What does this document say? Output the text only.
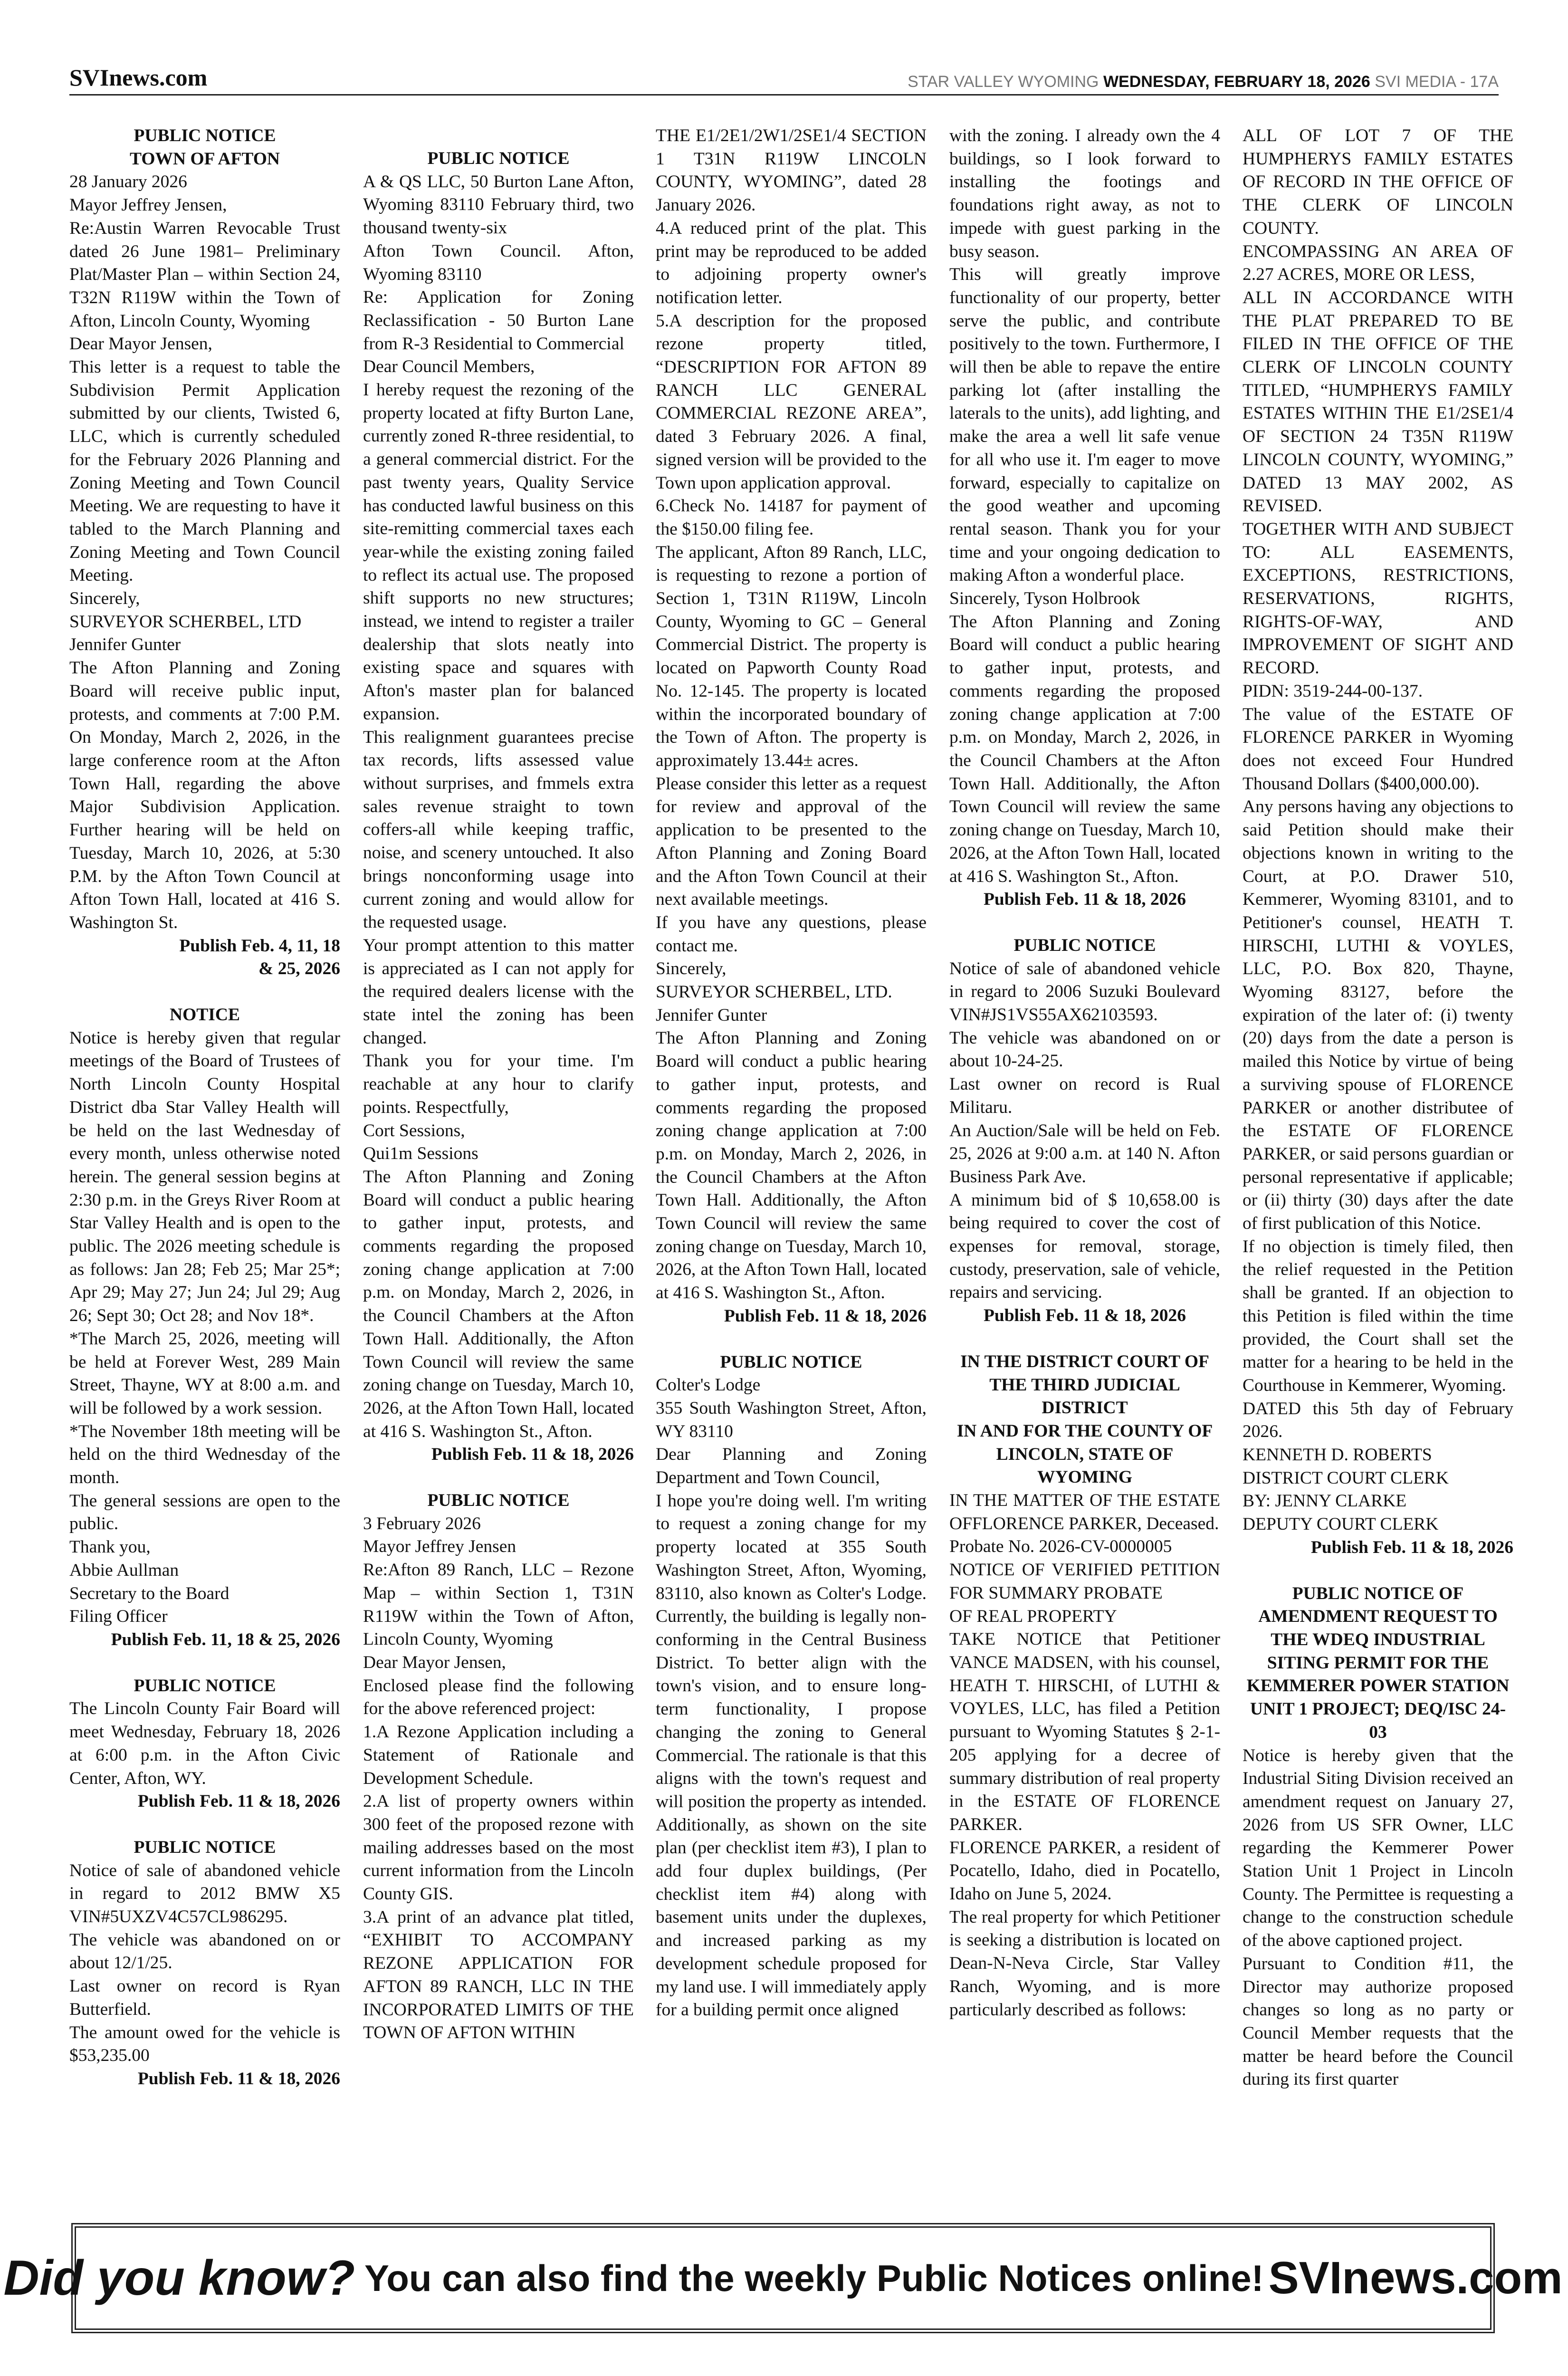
SVInews.com	STAR VALLEY WYOMING WEDNESDAY, FEBRUARY 18, 2026 SVI MEDIA - 17A

PUBLIC NOTICE

TOWN OF AFTON

28 January 2026

Mayor Jeffrey Jensen,

Re:Austin Warren Revocable Trust dated 26 June 1981– Preliminary Plat/Master Plan – within Section 24, T32N R119W within the Town of Afton, Lincoln County, Wyoming

Dear Mayor Jensen,

This letter is a request to table the Subdivision Permit Application submitted by our clients, Twisted 6, LLC, which is currently scheduled for the February 2026 Planning and Zoning Meeting and Town Council Meeting. We are requesting to have it tabled to the March Planning and Zoning Meeting and Town Council Meeting.

Sincerely,

SURVEYOR SCHERBEL, LTD

Jennifer Gunter

The Afton Planning and Zoning Board will receive public input, protests, and comments at 7:00 P.M. On Monday, March 2, 2026, in the large conference room at the Afton Town Hall, regarding the above Major Subdivision Application. Further hearing will be held on Tuesday, March 10, 2026, at 5:30 P.M. by the Afton Town Council at Afton Town Hall, located at 416 S. Washington St.

Publish Feb. 4, 11, 18

& 25, 2026

NOTICE

Notice is hereby given that regular meetings of the Board of Trustees of North Lincoln County Hospital District dba Star Valley Health will be held on the last Wednesday of every month, unless otherwise noted herein. The general session begins at 2:30 p.m. in the Greys River Room at Star Valley Health and is open to the public. The 2026 meeting schedule is as follows: Jan 28; Feb 25; Mar 25*; Apr 29; May 27; Jun 24; Jul 29; Aug 26; Sept 30; Oct 28; and Nov 18*.

*The March 25, 2026, meeting will be held at Forever West, 289 Main Street, Thayne, WY at 8:00 a.m. and will be followed by a work session.

*The November 18th meeting will be held on the third Wednesday of the month.

The general sessions are open to the public.

Thank you,

Abbie Aullman

Secretary to the Board

Filing Officer

Publish Feb. 11, 18 & 25, 2026

PUBLIC NOTICE

The Lincoln County Fair Board will meet Wednesday, February 18, 2026 at 6:00 p.m. in the Afton Civic Center, Afton, WY.

Publish Feb. 11 & 18, 2026

PUBLIC NOTICE

Notice of sale of abandoned vehicle in regard to 2012 BMW X5 VIN#5UXZV4C57CL986295.

The vehicle was abandoned on or about 12/1/25.

Last owner on record is Ryan Butterfield.

The amount owed for the vehicle is $53,235.00

Publish Feb. 11 & 18, 2026

PUBLIC NOTICE

A & QS LLC, 50 Burton Lane Afton, Wyoming 83110 February third, two thousand twenty-six

Afton Town Council. Afton, Wyoming 83110

Re: Application for Zoning Reclassification - 50 Burton Lane from R-3 Residential to Commercial

Dear Council Members,

I hereby request the rezoning of the property located at fifty Burton Lane, currently zoned R-three residential, to a general commercial district. For the past twenty years, Quality Service has conducted lawful business on this site-remitting commercial taxes each year-while the existing zoning failed to reflect its actual use. The proposed shift supports no new structures; instead, we intend to register a trailer dealership that slots neatly into existing space and squares with Afton's master plan for balanced expansion.

This realignment guarantees precise tax records, lifts assessed value without surprises, and fmmels extra sales revenue straight to town coffers-all while keeping traffic, noise, and scenery untouched. It also brings nonconforming usage into current zoning and would allow for the requested usage.

Your prompt attention to this matter is appreciated as I can not apply for the required dealers license with the state intel the zoning has been changed.

Thank you for your time. I'm reachable at any hour to clarify points. Respectfully,

Cort Sessions,

Qui1m Sessions

The Afton Planning and Zoning Board will conduct a public hearing to gather input, protests, and comments regarding the proposed zoning change application at 7:00 p.m. on Monday, March 2, 2026, in the Council Chambers at the Afton Town Hall. Additionally, the Afton Town Council will review the same zoning change on Tuesday, March 10, 2026, at the Afton Town Hall, located at 416 S. Washington St., Afton.

Publish Feb. 11 & 18, 2026

PUBLIC NOTICE

3 February 2026

Mayor Jeffrey Jensen

Re:Afton 89 Ranch, LLC – Rezone Map – within Section 1, T31N R119W within the Town of Afton, Lincoln County, Wyoming

Dear Mayor Jensen,

Enclosed please find the following for the above referenced project:

1.A Rezone Application including a Statement of Rationale and Development Schedule.

2.A list of property owners within 300 feet of the proposed rezone with mailing addresses based on the most current information from the Lincoln County GIS.

3.A print of an advance plat titled, “EXHIBIT TO ACCOMPANY REZONE APPLICATION FOR AFTON 89 RANCH, LLC IN THE INCORPORATED LIMITS OF THE TOWN OF AFTON WITHIN

THE E1/2E1/2W1/2SE1/4 SECTION 1 T31N R119W LINCOLN COUNTY, WYOMING”, dated 28 January 2026.

4.A reduced print of the plat. This print may be reproduced to be added to adjoining property owner's notification letter.

5.A description for the proposed rezone property titled, “DESCRIPTION FOR AFTON 89 RANCH LLC GENERAL COMMERCIAL REZONE AREA”, dated 3 February 2026. A final, signed version will be provided to the Town upon application approval.

6.Check No. 14187 for payment of the $150.00 filing fee.

The applicant, Afton 89 Ranch, LLC, is requesting to rezone a portion of Section 1, T31N R119W, Lincoln County, Wyoming to GC – General Commercial District. The property is located on Papworth County Road No. 12-145. The property is located within the incorporated boundary of the Town of Afton. The property is approximately 13.44± acres.

Please consider this letter as a request for review and approval of the application to be presented to the Afton Planning and Zoning Board and the Afton Town Council at their next available meetings.

If you have any questions, please contact me.

Sincerely,

SURVEYOR SCHERBEL, LTD.

Jennifer Gunter

The Afton Planning and Zoning Board will conduct a public hearing to gather input, protests, and comments regarding the proposed zoning change application at 7:00 p.m. on Monday, March 2, 2026, in the Council Chambers at the Afton Town Hall. Additionally, the Afton Town Council will review the same zoning change on Tuesday, March 10, 2026, at the Afton Town Hall, located at 416 S. Washington St., Afton.

Publish Feb. 11 & 18, 2026

PUBLIC NOTICE

Colter's Lodge

355 South Washington Street, Afton, WY 83110

Dear Planning and Zoning Department and Town Council,

I hope you're doing well. I'm writing to request a zoning change for my property located at 355 South Washington Street, Afton, Wyoming, 83110, also known as Colter's Lodge. Currently, the building is legally non-conforming in the Central Business District. To better align with the town's vision, and to ensure long-term functionality, I propose changing the zoning to General Commercial. The rationale is that this aligns with the town's request and will position the property as intended. Additionally, as shown on the site plan (per checklist item #3), I plan to add four duplex buildings, (Per checklist item #4) along with basement units under the duplexes, and increased parking as my development schedule proposed for my land use. I will immediately apply for a building permit once aligned

with the zoning. I already own the 4 buildings, so I look forward to installing the footings and foundations right away, as not to impede with guest parking in the busy season.

This will greatly improve functionality of our property, better serve the public, and contribute positively to the town. Furthermore, I will then be able to repave the entire parking lot (after installing the laterals to the units), add lighting, and make the area a well lit safe venue for all who use it. I'm eager to move forward, especially to capitalize on the good weather and upcoming rental season. Thank you for your time and your ongoing dedication to making Afton a wonderful place.

Sincerely, Tyson Holbrook

The Afton Planning and Zoning Board will conduct a public hearing to gather input, protests, and comments regarding the proposed zoning change application at 7:00 p.m. on Monday, March 2, 2026, in the Council Chambers at the Afton Town Hall. Additionally, the Afton Town Council will review the same zoning change on Tuesday, March 10, 2026, at the Afton Town Hall, located at 416 S. Washington St., Afton.

Publish Feb. 11 & 18, 2026

PUBLIC NOTICE

Notice of sale of abandoned vehicle in regard to 2006 Suzuki Boulevard VIN#JS1VS55AX62103593.

The vehicle was abandoned on or about 10-24-25.

Last owner on record is Rual Militaru.

An Auction/Sale will be held on Feb. 25, 2026 at 9:00 a.m. at 140 N. Afton Business Park Ave.

A minimum bid of $ 10,658.00 is being required to cover the cost of expenses for removal, storage, custody, preservation, sale of vehicle, repairs and servicing.

Publish Feb. 11 & 18, 2026

IN THE DISTRICT COURT OF THE THIRD JUDICIAL DISTRICT

IN AND FOR THE COUNTY OF LINCOLN, STATE OF WYOMING

IN THE MATTER OF THE ESTATE OFFLORENCE PARKER, Deceased.

Probate No. 2026-CV-0000005

NOTICE OF VERIFIED PETITION FOR SUMMARY PROBATE

OF REAL PROPERTY

TAKE NOTICE that Petitioner VANCE MADSEN, with his counsel, HEATH T. HIRSCHI, of LUTHI & VOYLES, LLC, has filed a Petition pursuant to Wyoming Statutes § 2-1-205 applying for a decree of summary distribution of real property in the ESTATE OF FLORENCE PARKER.

FLORENCE PARKER, a resident of Pocatello, Idaho, died in Pocatello, Idaho on June 5, 2024.

The real property for which Petitioner is seeking a distribution is located on Dean-N-Neva Circle, Star Valley Ranch, Wyoming, and is more particularly described as follows:

ALL OF LOT 7 OF THE HUMPHERYS FAMILY ESTATES OF RECORD IN THE OFFICE OF THE CLERK OF LINCOLN COUNTY.

ENCOMPASSING AN AREA OF 2.27 ACRES, MORE OR LESS,

ALL IN ACCORDANCE WITH THE PLAT PREPARED TO BE FILED IN THE OFFICE OF THE CLERK OF LINCOLN COUNTY TITLED, “HUMPHERYS FAMILY ESTATES WITHIN THE E1/2SE1/4 OF SECTION 24 T35N R119W LINCOLN COUNTY, WYOMING,” DATED 13 MAY 2002, AS REVISED.

TOGETHER WITH AND SUBJECT TO: ALL EASEMENTS, EXCEPTIONS, RESTRICTIONS, RESERVATIONS, RIGHTS, RIGHTS-OF-WAY, AND IMPROVEMENT OF SIGHT AND RECORD.

PIDN: 3519-244-00-137.

The value of the ESTATE OF FLORENCE PARKER in Wyoming does not exceed Four Hundred Thousand Dollars ($400,000.00).

Any persons having any objections to said Petition should make their objections known in writing to the Court, at P.O. Drawer 510, Kemmerer, Wyoming 83101, and to Petitioner's counsel, HEATH T. HIRSCHI, LUTHI & VOYLES, LLC, P.O. Box 820, Thayne, Wyoming 83127, before the expiration of the later of: (i) twenty (20) days from the date a person is mailed this Notice by virtue of being a surviving spouse of FLORENCE PARKER or another distributee of the ESTATE OF FLORENCE PARKER, or said persons guardian or personal representative if applicable; or (ii) thirty (30) days after the date of first publication of this Notice.

If no objection is timely filed, then the relief requested in the Petition shall be granted. If an objection to this Petition is filed within the time provided, the Court shall set the matter for a hearing to be held in the Courthouse in Kemmerer, Wyoming.

DATED this 5th day of February 2026.

KENNETH D. ROBERTS

DISTRICT COURT CLERK

BY: JENNY CLARKE

DEPUTY COURT CLERK

Publish Feb. 11 & 18, 2026

PUBLIC NOTICE OF AMENDMENT REQUEST TO THE WDEQ INDUSTRIAL SITING PERMIT FOR THE KEMMERER POWER STATION UNIT 1 PROJECT; DEQ/ISC 24-03

Notice is hereby given that the Industrial Siting Division received an amendment request on January 27, 2026 from US SFR Owner, LLC regarding the Kemmerer Power Station Unit 1 Project in Lincoln County. The Permittee is requesting a change to the construction schedule of the above captioned project.

Pursuant to Condition #11, the Director may authorize proposed changes so long as no party or Council Member requests that the matter be heard before the Council during its first quarter

Did you know? You can also find the weekly Public Notices online! SVInews.com
